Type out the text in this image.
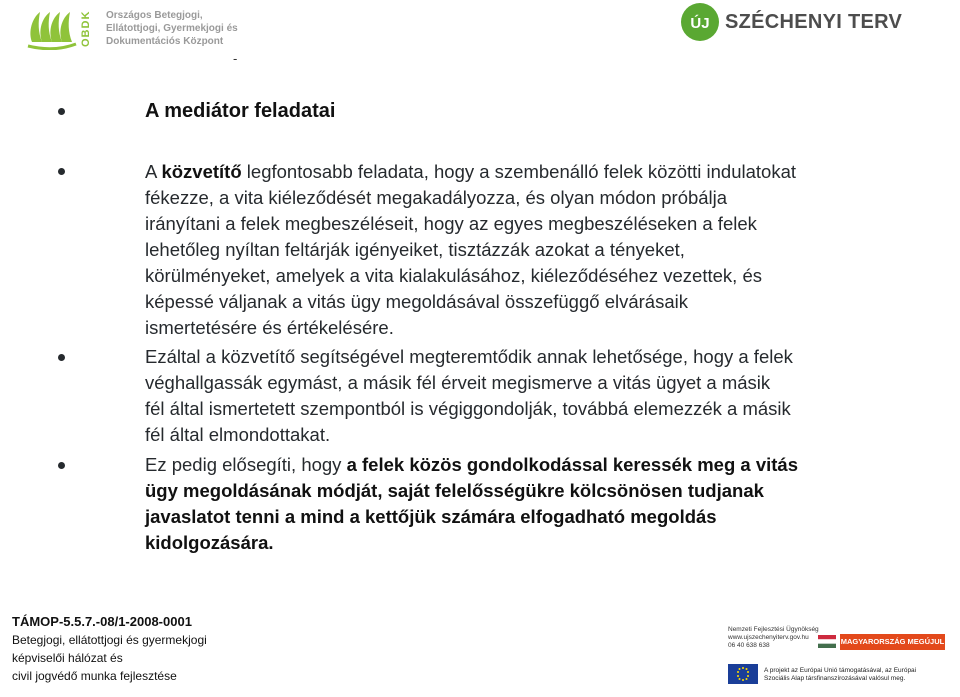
OBDK	Országos Betegjogi,
Ellátottjogi, Gyermekjogi és
Dokumentációs Központ
ÚJ SZÉCHENYI TERV
-
A mediátor feladatai
A közvetítő legfontosabb feladata, hogy a szembenálló felek közötti indulatokat
fékezze, a vita kiéleződését megakadályozza, és olyan módon próbálja
irányítani a felek megbeszéléseit, hogy az egyes megbeszéléseken a felek
lehetőleg nyíltan feltárják igényeiket, tisztázzák azokat a tényeket,
körülményeket, amelyek a vita kialakulásához, kiéleződéséhez vezettek, és
képessé váljanak a vitás ügy megoldásával összefüggő elvárásaik
ismertetésére és értékelésére.
Ezáltal a közvetítő segítségével megteremtődik annak lehetősége, hogy a felek
véghallgassák egymást, a másik fél érveit megismerve a vitás ügyet a másik
fél által ismertetett szempontból is végiggondolják, továbbá elemezzék a másik
fél által elmondottakat.
Ez pedig elősegíti, hogy a felek közös gondolkodással keressék meg a vitás
ügy megoldásának módját, saját felelősségükre kölcsönösen tudjanak
javaslatot tenni a mind a kettőjük számára elfogadható megoldás
kidolgozására.
TÁMOP-5.5.7.-08/1-2008-0001
Betegjogi, ellátottjogi és gyermekjogi
képviselői hálózat és
civil jogvédő munka fejlesztése
Nemzeti Fejlesztési Ügynökség
www.ujszechenyiterv.gov.hu
06 40 638 638	MAGYARORSZÁG MEGÚJUL
A projekt az Európai Unió támogatásával, az Európai
Szociális Alap társfinanszírozásával valósul meg.
